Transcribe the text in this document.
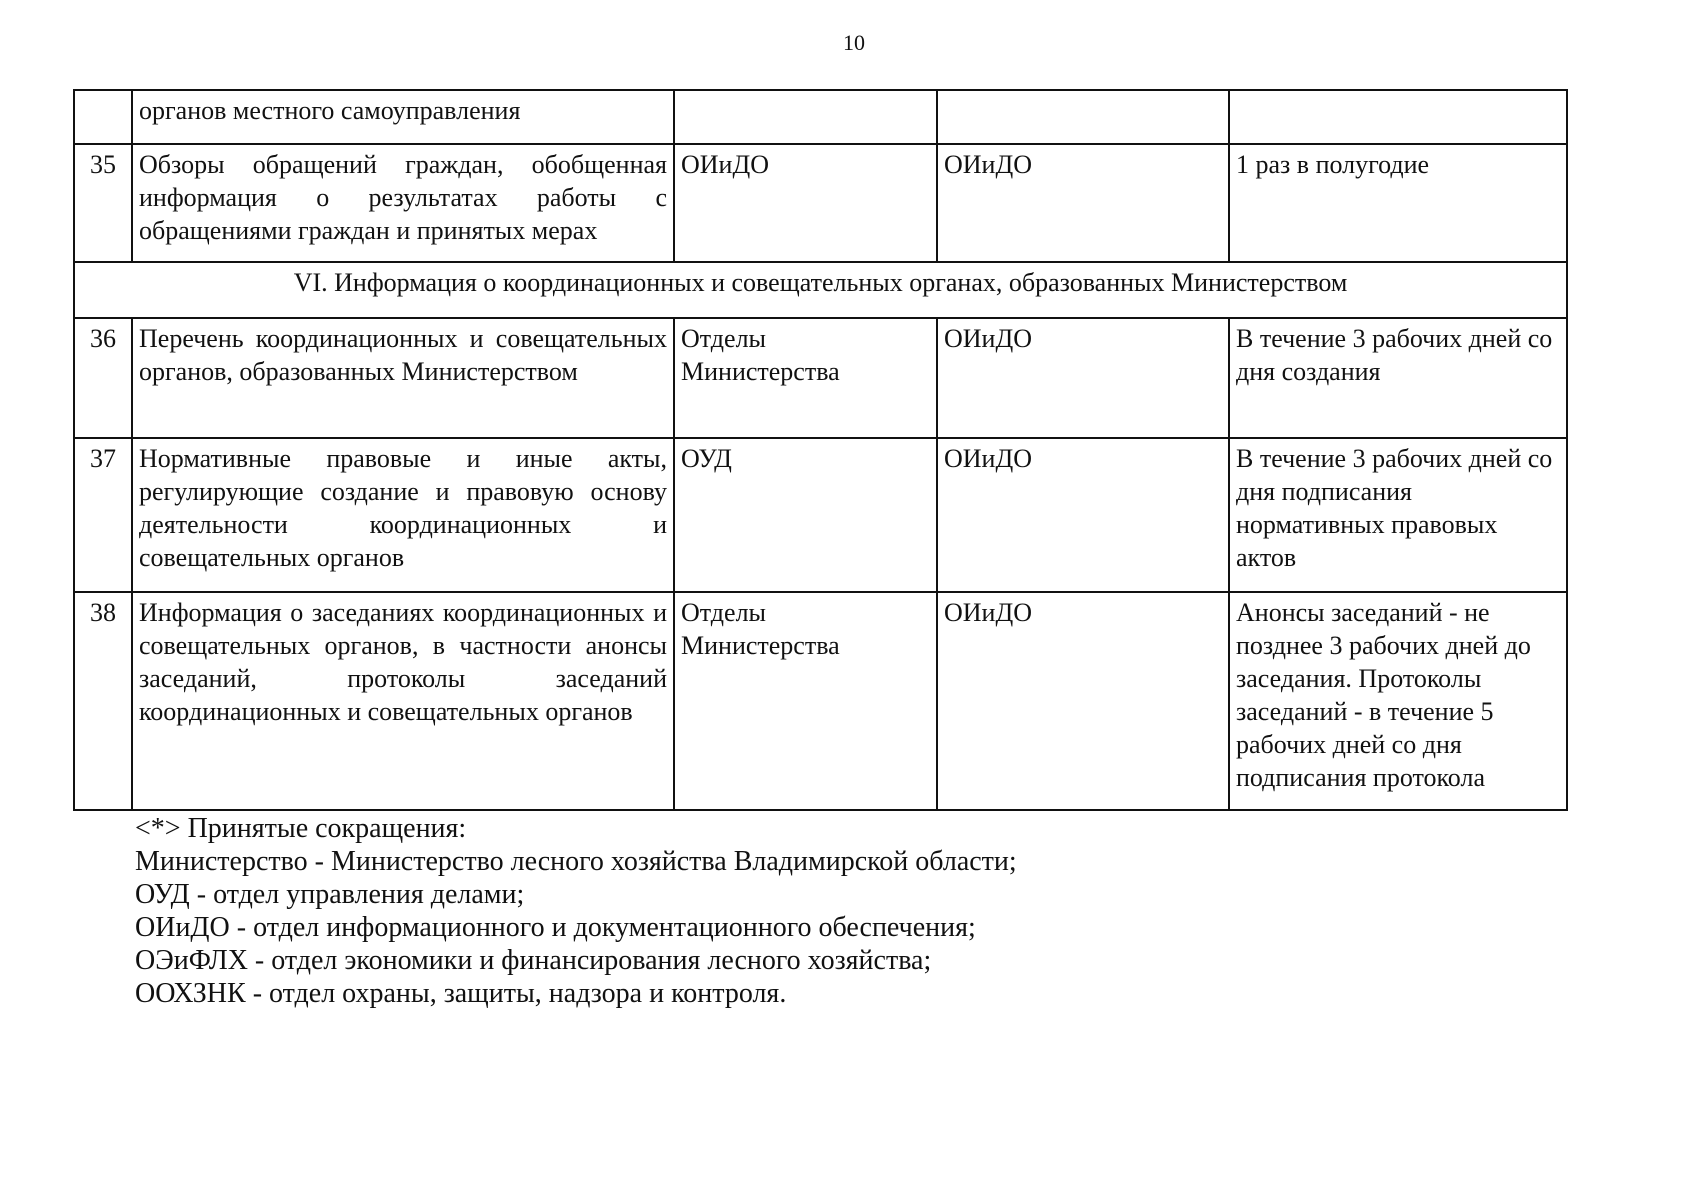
10
	органов местного самоуправления			
35	Обзоры обращений граждан, обобщенная информация о результатах работы с обращениями граждан и принятых мерах	ОИиДО	ОИиДО	1 раз в полугодие
VI. Информация о координационных и совещательных органах, образованных Министерством				
36	Перечень координационных и совещательных органов, образованных Министерством	Отделы Министерства	ОИиДО	В течение 3 рабочих дней со дня создания
37	Нормативные правовые и иные акты, регулирующие создание и правовую основу деятельности координационных и совещательных органов	ОУД	ОИиДО	В течение 3 рабочих дней со дня подписания нормативных правовых актов
38	Информация о заседаниях координационных и совещательных органов, в частности анонсы заседаний, протоколы заседаний координационных и совещательных органов	Отделы Министерства	ОИиДО	Анонсы заседаний - не позднее 3 рабочих дней до заседания. Протоколы заседаний - в течение 5 рабочих дней со дня подписания протокола
<*> Принятые сокращения:
Министерство - Министерство лесного хозяйства Владимирской области;
ОУД - отдел управления делами;
ОИиДО - отдел информационного и документационного обеспечения;
ОЭиФЛХ - отдел экономики и финансирования лесного хозяйства;
ООХЗНК - отдел охраны, защиты, надзора и контроля.
